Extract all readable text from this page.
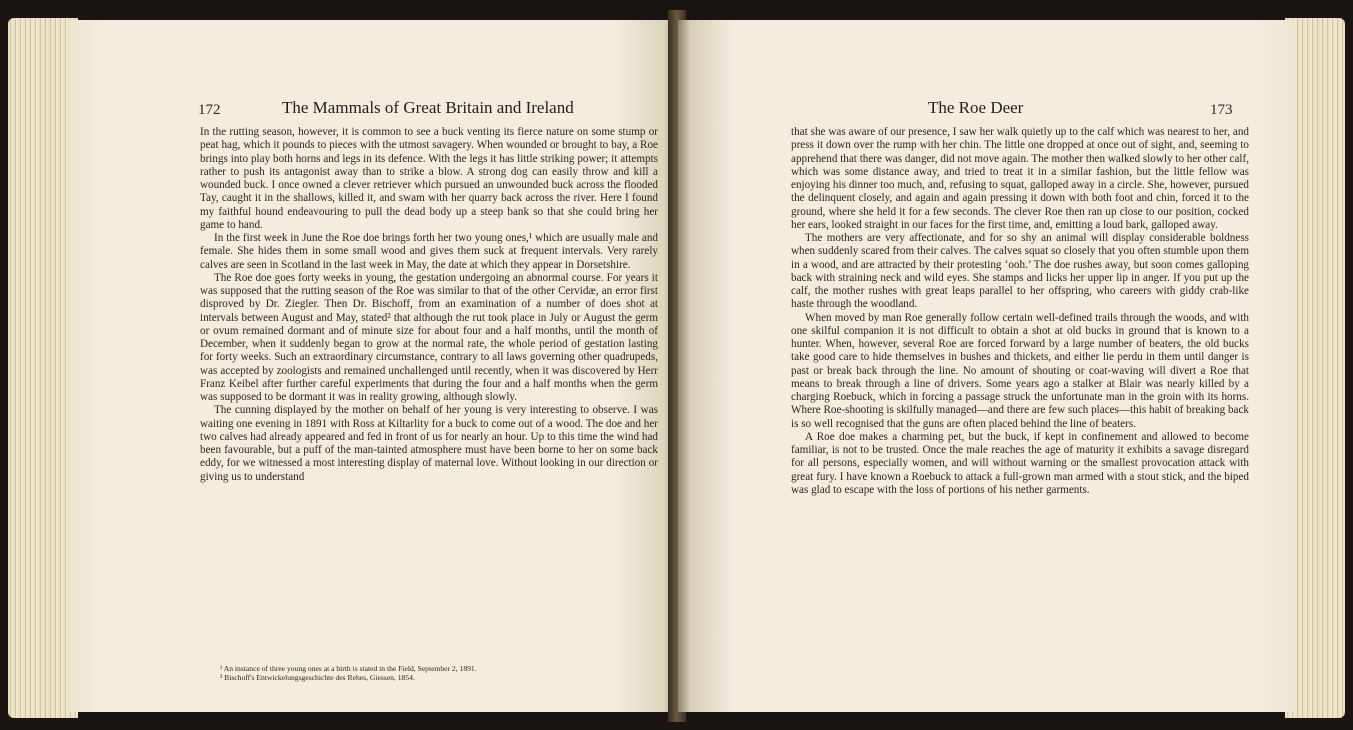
172	The Mammals of Great Britain and Ireland

In the rutting season, however, it is common to see a buck venting its fierce nature on some stump or peat hag, which it pounds to pieces with the utmost savagery. When wounded or brought to bay, a Roe brings into play both horns and legs in its defence. With the legs it has little striking power; it attempts rather to push its antagonist away than to strike a blow. A strong dog can easily throw and kill a wounded buck. I once owned a clever retriever which pursued an unwounded buck across the flooded Tay, caught it in the shallows, killed it, and swam with her quarry back across the river. Here I found my faithful hound endeavouring to pull the dead body up a steep bank so that she could bring her game to hand.

In the first week in June the Roe doe brings forth her two young ones,¹ which are usually male and female. She hides them in some small wood and gives them suck at frequent intervals. Very rarely calves are seen in Scotland in the last week in May, the date at which they appear in Dorsetshire.

The Roe doe goes forty weeks in young, the gestation undergoing an abnormal course. For years it was supposed that the rutting season of the Roe was similar to that of the other Cervidæ, an error first disproved by Dr. Ziegler. Then Dr. Bischoff, from an examination of a number of does shot at intervals between August and May, stated² that although the rut took place in July or August the germ or ovum remained dormant and of minute size for about four and a half months, until the month of December, when it suddenly began to grow at the normal rate, the whole period of gestation lasting for forty weeks. Such an extraordinary circumstance, contrary to all laws governing other quadrupeds, was accepted by zoologists and remained unchallenged until recently, when it was discovered by Herr Franz Keibel after further careful experiments that during the four and a half months when the germ was supposed to be dormant it was in reality growing, although slowly.

The cunning displayed by the mother on behalf of her young is very interesting to observe. I was waiting one evening in 1891 with Ross at Kiltarlity for a buck to come out of a wood. The doe and her two calves had already appeared and fed in front of us for nearly an hour. Up to this time the wind had been favourable, but a puff of the man-tainted atmosphere must have been borne to her on some back eddy, for we witnessed a most interesting display of maternal love. Without looking in our direction or giving us to understand

¹ An instance of three young ones at a birth is stated in the Field, September 2, 1891.
² Bischoff's Entwickelungsgeschichte des Rehes, Giessen, 1854.
The Roe Deer	173

that she was aware of our presence, I saw her walk quietly up to the calf which was nearest to her, and press it down over the rump with her chin. The little one dropped at once out of sight, and, seeming to apprehend that there was danger, did not move again. The mother then walked slowly to her other calf, which was some distance away, and tried to treat it in a similar fashion, but the little fellow was enjoying his dinner too much, and, refusing to squat, galloped away in a circle. She, however, pursued the delinquent closely, and again and again pressing it down with both foot and chin, forced it to the ground, where she held it for a few seconds. The clever Roe then ran up close to our position, cocked her ears, looked straight in our faces for the first time, and, emitting a loud bark, galloped away.

The mothers are very affectionate, and for so shy an animal will display considerable boldness when suddenly scared from their calves. The calves squat so closely that you often stumble upon them in a wood, and are attracted by their protesting ‘ooh.’ The doe rushes away, but soon comes galloping back with straining neck and wild eyes. She stamps and licks her upper lip in anger. If you put up the calf, the mother rushes with great leaps parallel to her offspring, who careers with giddy crab-like haste through the woodland.

When moved by man Roe generally follow certain well-defined trails through the woods, and with one skilful companion it is not difficult to obtain a shot at old bucks in ground that is known to a hunter. When, however, several Roe are forced forward by a large number of beaters, the old bucks take good care to hide themselves in bushes and thickets, and either lie perdu in them until danger is past or break back through the line. No amount of shouting or coat-waving will divert a Roe that means to break through a line of drivers. Some years ago a stalker at Blair was nearly killed by a charging Roebuck, which in forcing a passage struck the unfortunate man in the groin with its horns. Where Roe-shooting is skilfully managed—and there are few such places—this habit of breaking back is so well recognised that the guns are often placed behind the line of beaters.

A Roe doe makes a charming pet, but the buck, if kept in confinement and allowed to become familiar, is not to be trusted. Once the male reaches the age of maturity it exhibits a savage disregard for all persons, especially women, and will without warning or the smallest provocation attack with great fury. I have known a Roebuck to attack a full-grown man armed with a stout stick, and the biped was glad to escape with the loss of portions of his nether garments.
